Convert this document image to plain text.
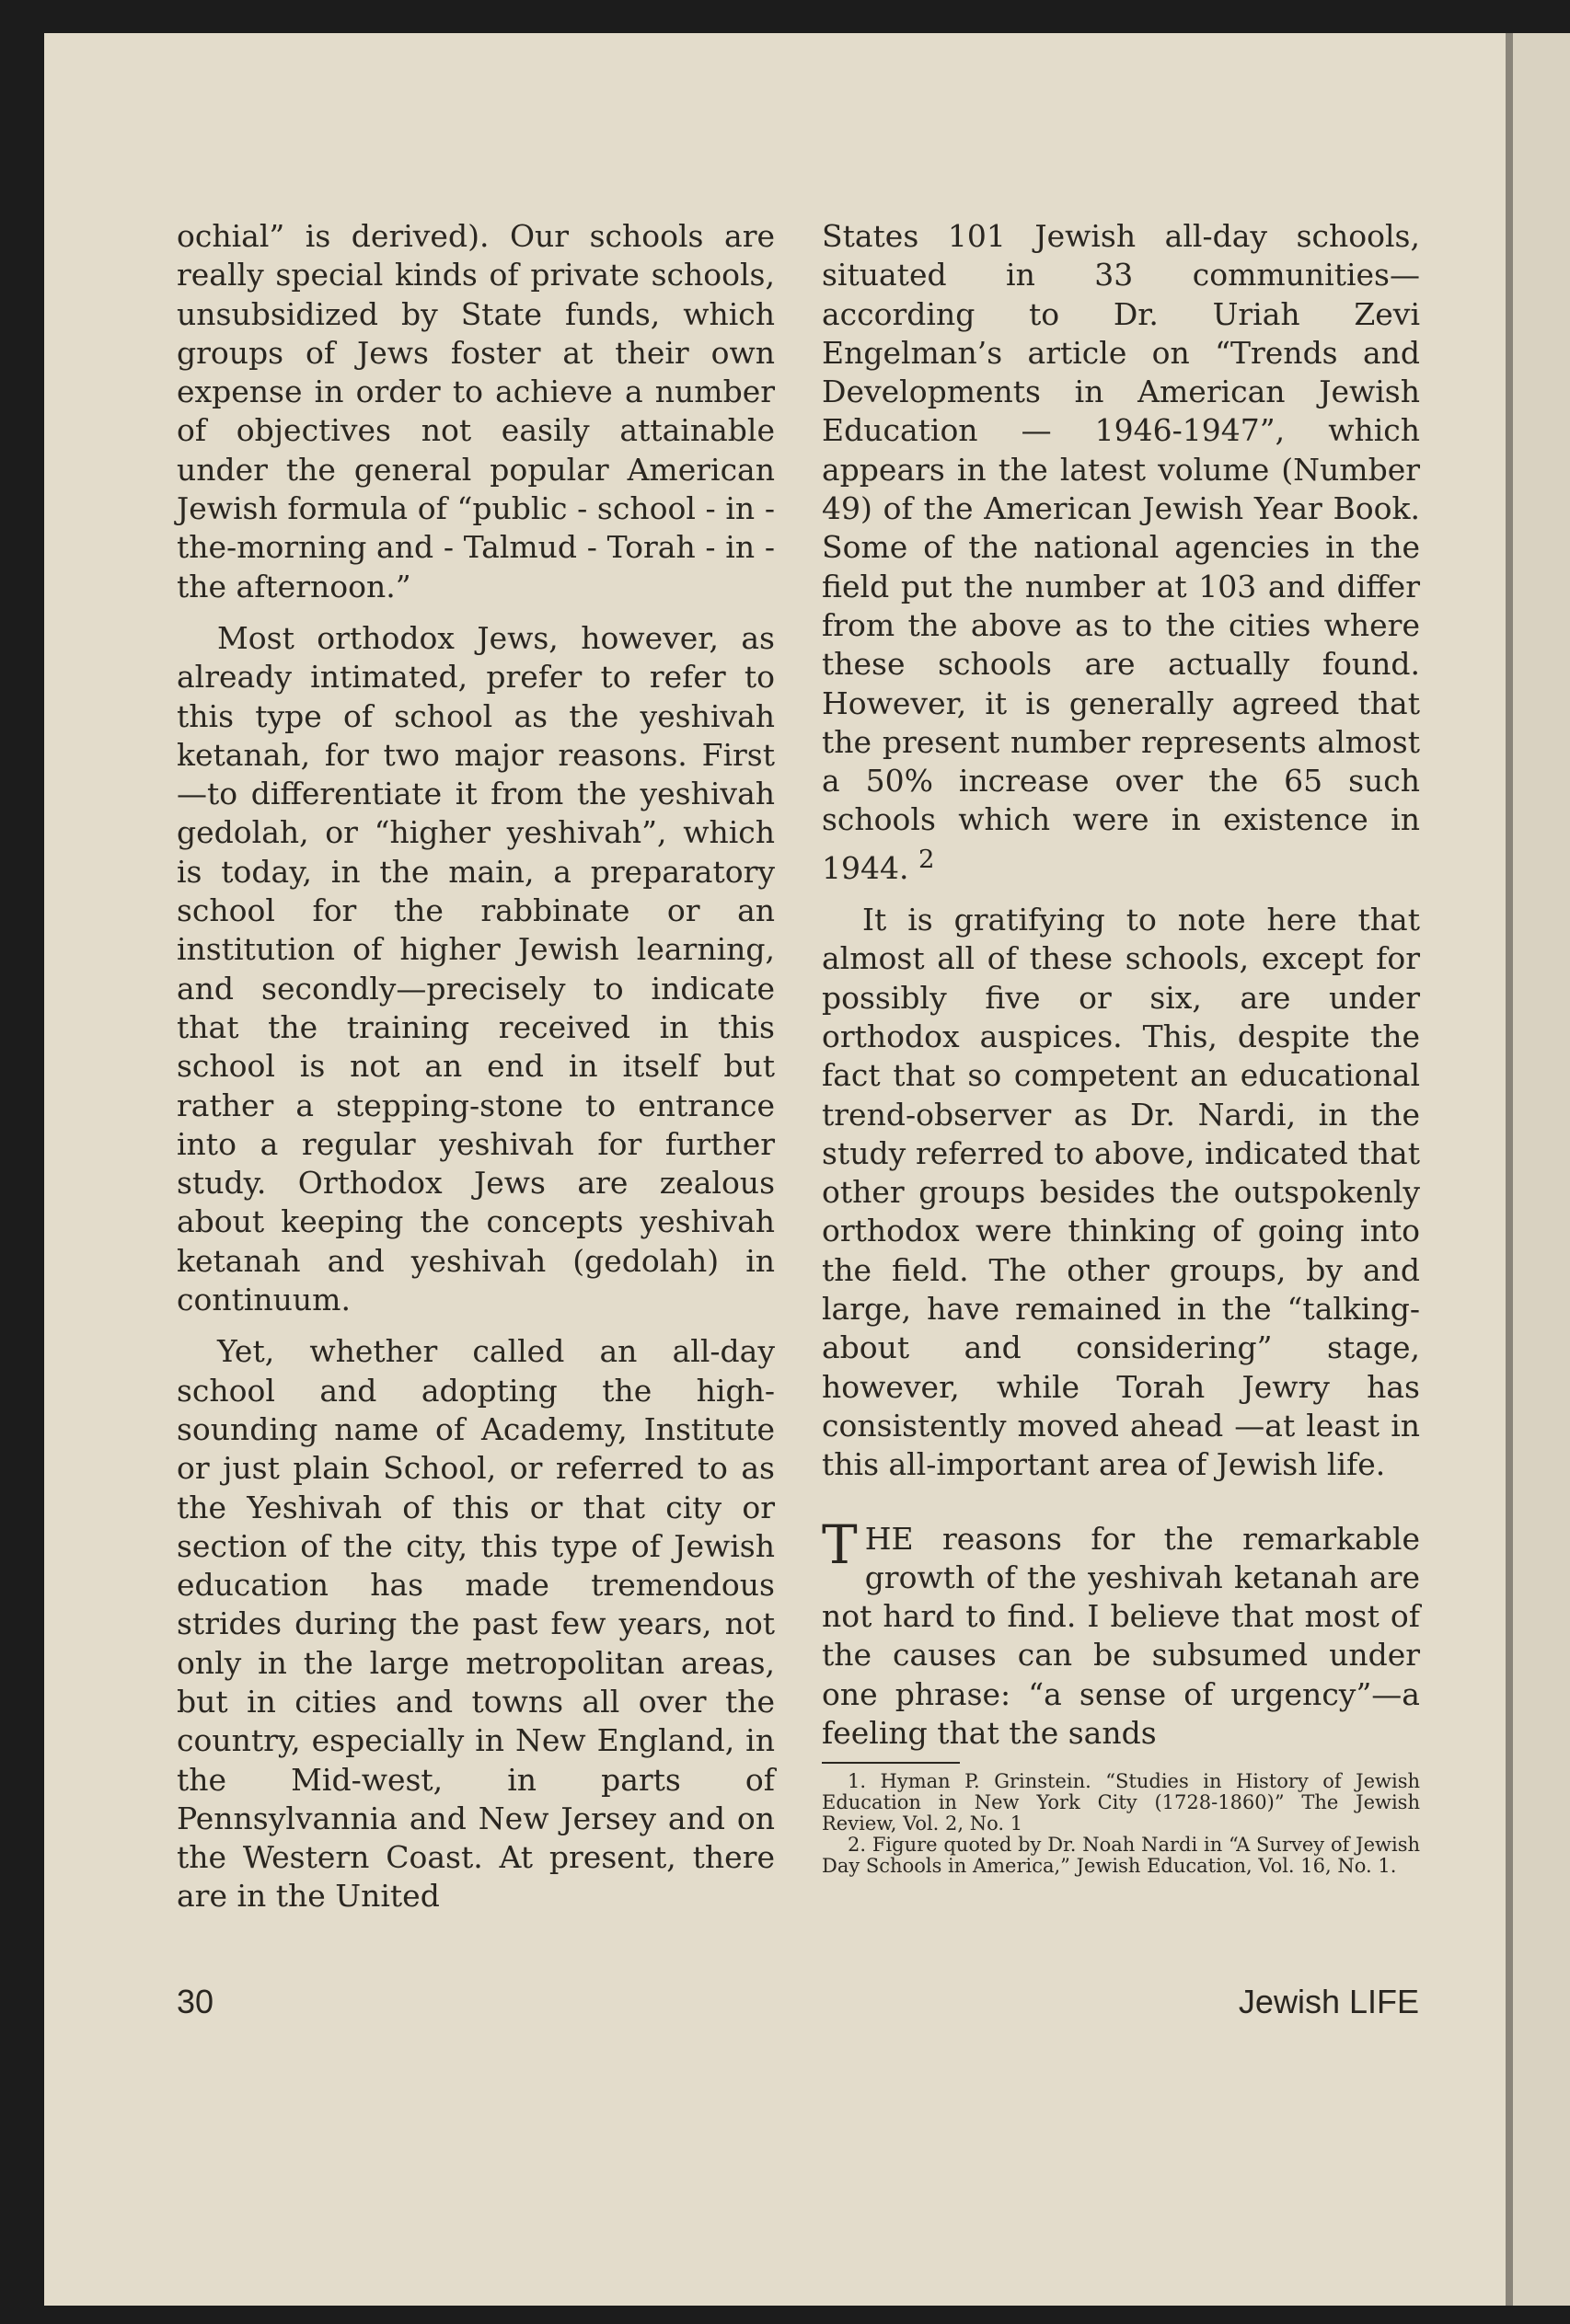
ochial” is derived). Our schools are really special kinds of private schools, unsubsidized by State funds, which groups of Jews foster at their own expense in order to achieve a number of objectives not easily attainable under the general popular American Jewish formula of “public - school - in - the-morning and - Talmud - Torah - in - the afternoon.”

Most orthodox Jews, however, as already intimated, prefer to refer to this type of school as the yeshivah ketanah, for two major reasons. First—to differentiate it from the yeshivah gedolah, or “higher yeshivah”, which is today, in the main, a preparatory school for the rabbinate or an institution of higher Jewish learning, and secondly—precisely to indicate that the training received in this school is not an end in itself but rather a stepping-stone to entrance into a regular yeshivah for further study. Orthodox Jews are zealous about keeping the concepts yeshivah ketanah and yeshivah (gedolah) in continuum.

Yet, whether called an all-day school and adopting the high-sounding name of Academy, Institute or just plain School, or referred to as the Yeshivah of this or that city or section of the city, this type of Jewish education has made tremendous strides during the past few years, not only in the large metropolitan areas, but in cities and towns all over the country, especially in New England, in the Mid-west, in parts of Pennsylvannia and New Jersey and on the Western Coast. At present, there are in the United

States 101 Jewish all-day schools, situated in 33 communities— according to Dr. Uriah Zevi Engelman’s article on “Trends and Developments in American Jewish Education — 1946-1947”, which appears in the latest volume (Number 49) of the American Jewish Year Book. Some of the national agencies in the field put the number at 103 and differ from the above as to the cities where these schools are actually found. However, it is generally agreed that the present number represents almost a 50% increase over the 65 such schools which were in existence in 1944. $^2$

It is gratifying to note here that almost all of these schools, except for possibly five or six, are under orthodox auspices. This, despite the fact that so competent an educational trend-observer as Dr. Nardi, in the study referred to above, indicated that other groups besides the outspokenly orthodox were thinking of going into the field. The other groups, by and large, have remained in the “talking-about and considering” stage, however, while Torah Jewry has consistently moved ahead —at least in this all-important area of Jewish life.

THE reasons for the remarkable growth of the yeshivah ketanah are not hard to find. I believe that most of the causes can be subsumed under one phrase: “a sense of urgency”—a feeling that the sands

1. Hyman P. Grinstein. “Studies in History of Jewish Education in New York City (1728-1860)” The Jewish Review, Vol. 2, No. 1

2. Figure quoted by Dr. Noah Nardi in “A Survey of Jewish Day Schools in America,” Jewish Education, Vol. 16, No. 1.

30	Jewish LIFE
